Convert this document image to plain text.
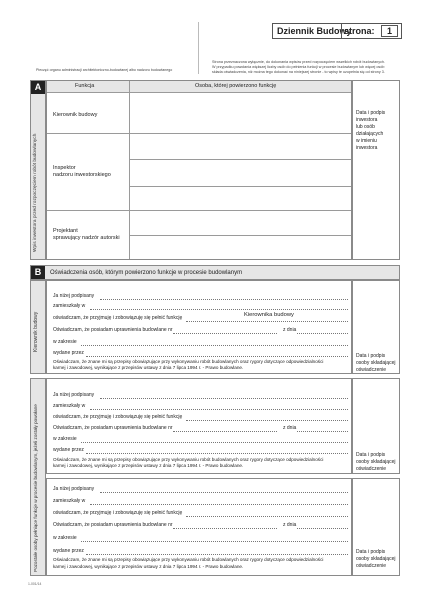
Pieczęć organu administracji architektoniczno-budowlanej albo nadzoru budowlanego
Dziennik Budowy
strona: 1
Strona przeznaczona wyłącznie, do dokonania wpisów przed rozpoczęciem wszelkich robót budowlanych.
W przypadku powołania większej liczby osób do pełnienia funkcji w procesie budowlanym lub więcej osób
składa oświadczenia, niż można tego dokonać na niniejszej stronie - to wpisy te uzupełnia się od strony 3.
A
Wpis inwestora przed rozpoczęciem robót budowlanych
Funkcja	Osoba, której powierzono funkcję
Kierownik budowy
Inspektor
nadzoru inwestorskiego
Projektant
sprawujący nadzór autorski
Data i podpis
inwestora
lub osób
działających
w imieniu
inwestora
B	Oświadczenia osób, którym powierzono funkcje w procesie budowlanym
Kierownik budowy
Pozostałe osoby pełniące funkcje w procesie budowlanym, jeżeli zostały powołane
Ja niżej podpisany
zamieszkały w
oświadczam, że przyjmuję i zobowiązuję się pełnić funkcję	Kierownika budowy
Oświadczam, że posiadam uprawnienia budowlane nr	z dnia
w zakresie
wydane przez
Oświadczam, że znane mi są przepisy obowiązujące przy wykonywaniu robót budowlanych oraz rygory dotyczące odpowiedzialności
karnej i zawodowej, wynikające z przepisów ustawy z dnia 7 lipca 1994 r. - Prawo budowlane.
Data i podpis
osoby składającej
oświadczenie
Ja niżej podpisany
zamieszkały w
oświadczam, że przyjmuję i zobowiązuję się pełnić funkcję
Oświadczam, że posiadam uprawnienia budowlane nr	z dnia
w zakresie
wydane przez
Oświadczam, że znane mi są przepisy obowiązujące przy wykonywaniu robót budowlanych oraz rygory dotyczące odpowiedzialności
karnej i zawodowej, wynikające z przepisów ustawy z dnia 7 lipca 1994 r. - Prawo budowlane.
Data i podpis
osoby składającej
oświadczenie
Ja niżej podpisany
zamieszkały w
oświadczam, że przyjmuję i zobowiązuję się pełnić funkcję
Oświadczam, że posiadam uprawnienia budowlane nr	z dnia
w zakresie
wydane przez
Oświadczam, że znane mi są przepisy obowiązujące przy wykonywaniu robót budowlanych oraz rygory dotyczące odpowiedzialności
karnej i zawodowej, wynikające z przepisów ustawy z dnia 7 lipca 1994 r. - Prawo budowlane.
Data i podpis
osoby składającej
oświadczenie
1-001/14
